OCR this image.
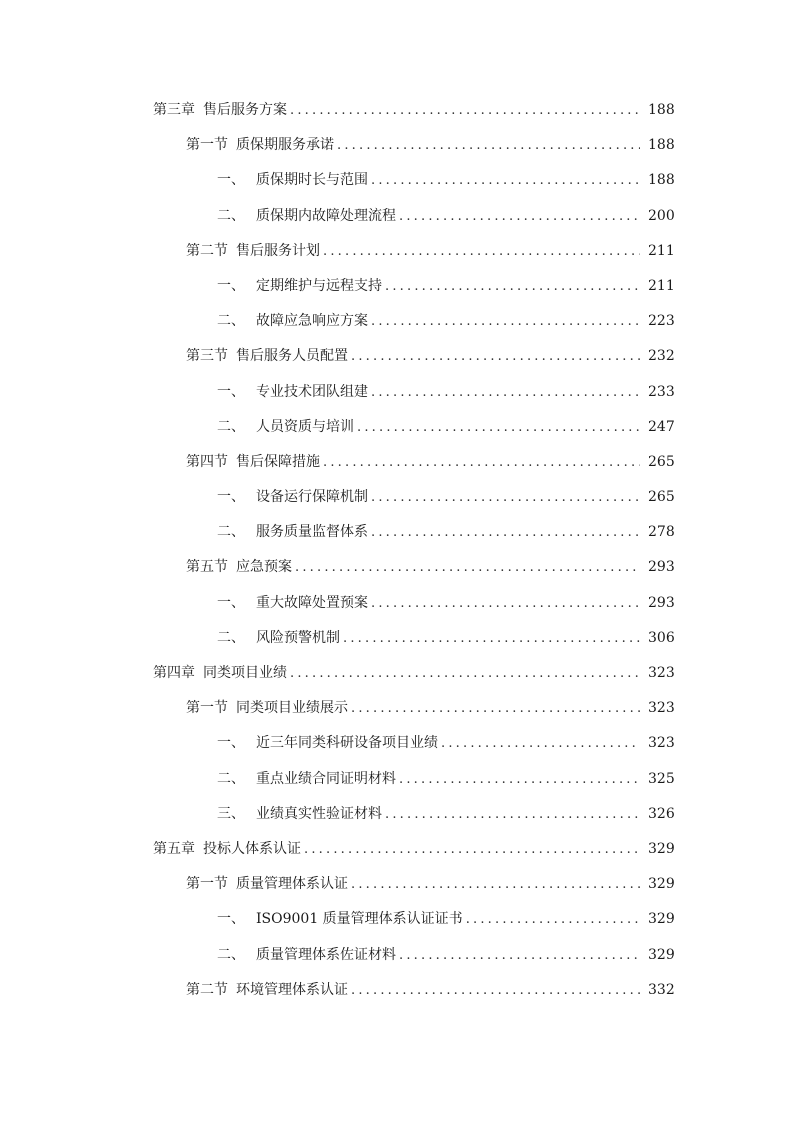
第三章 售后服务方案 .....	188
第一节 质保期服务承诺 .....	188
一、 质保期时长与范围 .....	188
二、 质保期内故障处理流程 .....	200
第二节 售后服务计划 .....	211
一、 定期维护与远程支持 .....	211
二、 故障应急响应方案 .....	223
第三节 售后服务人员配置 .....	232
一、 专业技术团队组建 .....	233
二、 人员资质与培训 .....	247
第四节 售后保障措施 .....	265
一、 设备运行保障机制 .....	265
二、 服务质量监督体系 .....	278
第五节 应急预案 .....	293
一、 重大故障处置预案 .....	293
二、 风险预警机制 .....	306
第四章 同类项目业绩 .....	323
第一节 同类项目业绩展示 .....	323
一、 近三年同类科研设备项目业绩 .....	323
二、 重点业绩合同证明材料 .....	325
三、 业绩真实性验证材料 .....	326
第五章 投标人体系认证 .....	329
第一节 质量管理体系认证 .....	329
一、 ISO9001 质量管理体系认证证书 .....	329
二、 质量管理体系佐证材料 .....	329
第二节 环境管理体系认证 .....	332
